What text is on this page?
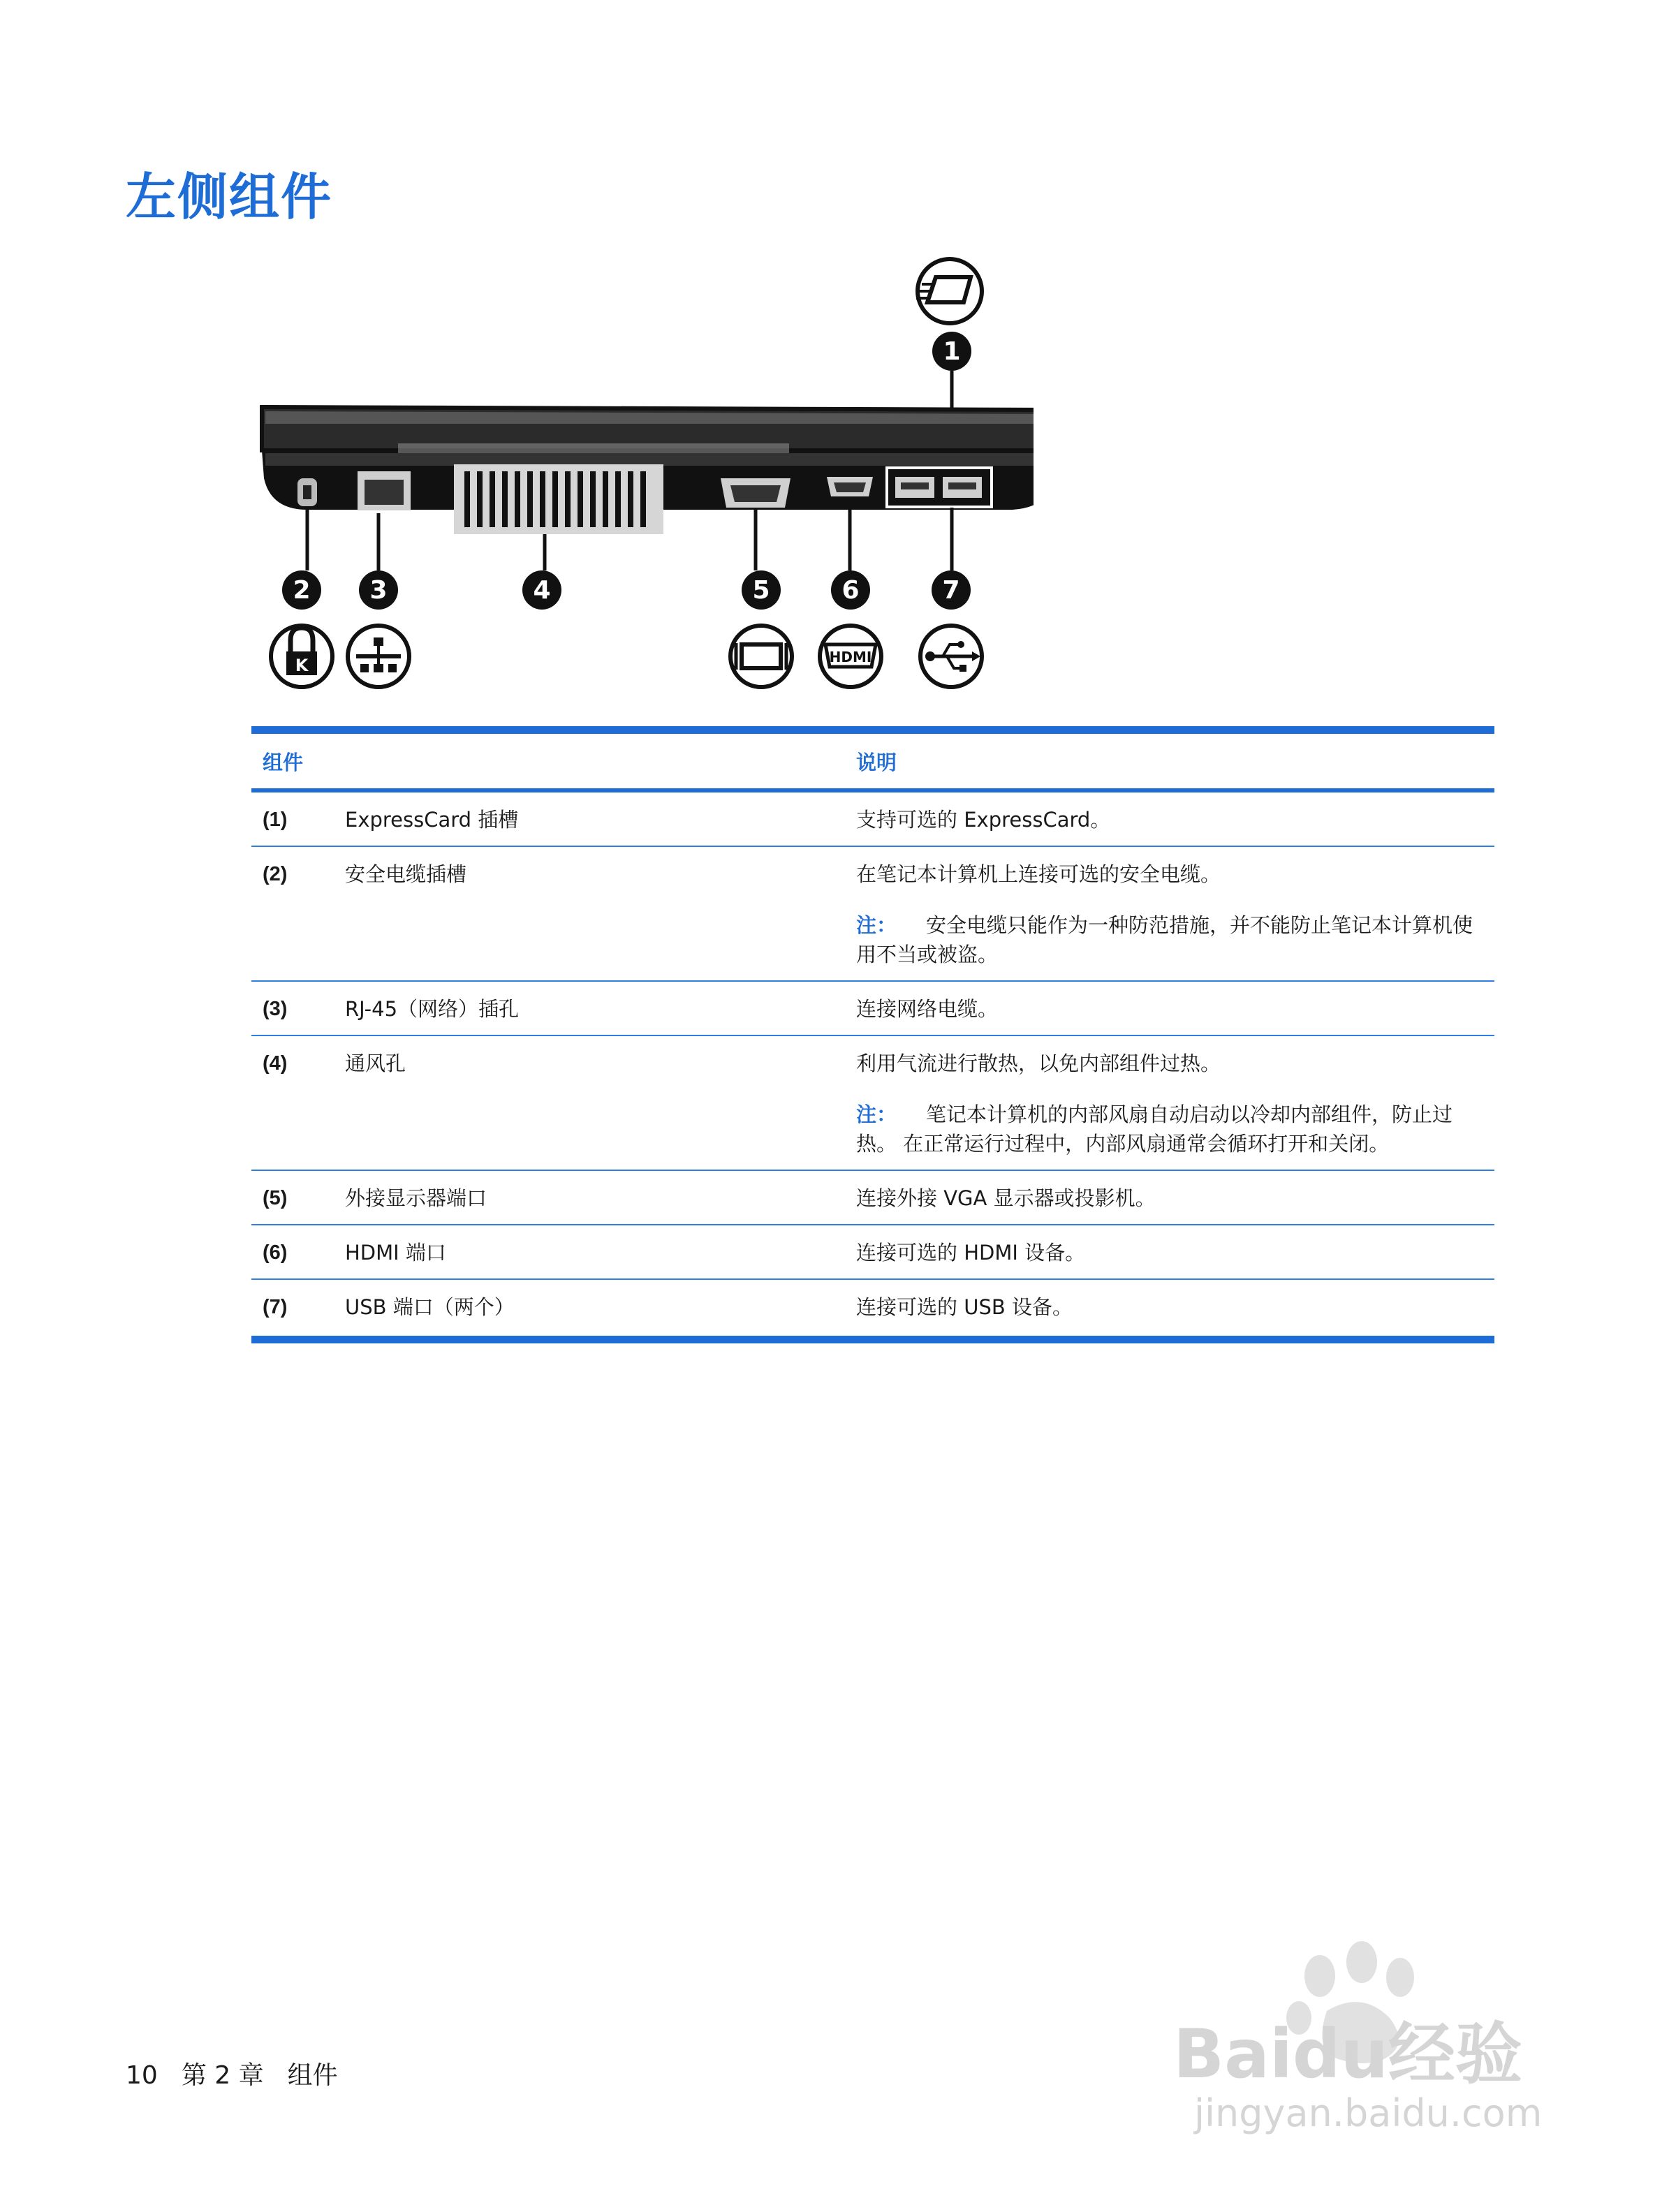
左侧组件
1
2 3	4	5	6	7
K	HDMI
组件		说明
(1)	ExpressCard 插槽	支持可选的 ExpressCard。

(2)	安全电缆插槽	在笔记本计算机上连接可选的安全电缆。

注： 安全电缆只能作为一种防范措施，并不能防止笔记本计算机使用不当或被盗。

(3)	RJ-45（网络）插孔	连接网络电缆。

(4)	通风孔	利用气流进行散热，以免内部组件过热。

注： 笔记本计算机的内部风扇自动启动以冷却内部组件，防止过热。 在正常运行过程中，内部风扇通常会循环打开和关闭。

(5)	外接显示器端口	连接外接 VGA 显示器或投影机。

(6)	HDMI 端口	连接可选的 HDMI 设备。

(7)	USB 端口（两个）	连接可选的 USB 设备。

10 第 2 章 组件	Baidu经验
jingyan.baidu.com
